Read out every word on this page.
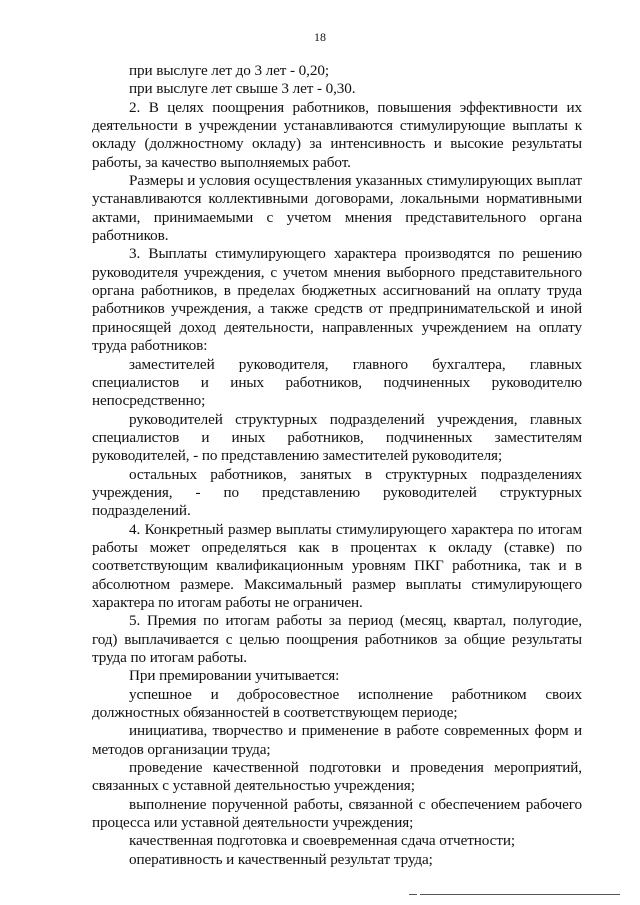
18

при выслуге лет до 3 лет - 0,20;

при выслуге лет свыше 3 лет - 0,30.

2. В целях поощрения работников, повышения эффективности их деятельности в учреждении устанавливаются стимулирующие выплаты к окладу (должностному окладу) за интенсивность и высокие результаты работы, за качество выполняемых работ.

Размеры и условия осуществления указанных стимулирующих выплат устанавливаются коллективными договорами, локальными нормативными актами, принимаемыми с учетом мнения представительного органа работников.

3. Выплаты стимулирующего характера производятся по решению руководителя учреждения, с учетом мнения выборного представительного органа работников, в пределах бюджетных ассигнований на оплату труда работников учреждения, а также средств от предпринимательской и иной приносящей доход деятельности, направленных учреждением на оплату труда работников:

заместителей руководителя, главного бухгалтера, главных специалистов и иных работников, подчиненных руководителю непосредственно;

руководителей структурных подразделений учреждения, главных специалистов и иных работников, подчиненных заместителям руководителей, - по представлению заместителей руководителя;

остальных работников, занятых в структурных подразделениях учреждения, - по представлению руководителей структурных подразделений.

4. Конкретный размер выплаты стимулирующего характера по итогам работы может определяться как в процентах к окладу (ставке) по соответствующим квалификационным уровням ПКГ работника, так и в абсолютном размере. Максимальный размер выплаты стимулирующего характера по итогам работы не ограничен.

5. Премия по итогам работы за период (месяц, квартал, полугодие, год) выплачивается с целью поощрения работников за общие результаты труда по итогам работы.

При премировании учитывается:

успешное и добросовестное исполнение работником своих должностных обязанностей в соответствующем периоде;

инициатива, творчество и применение в работе современных форм и методов организации труда;

проведение качественной подготовки и проведения мероприятий, связанных с уставной деятельностью учреждения;

выполнение порученной работы, связанной с обеспечением рабочего процесса или уставной деятельности учреждения;

качественная подготовка и своевременная сдача отчетности;

оперативность и качественный результат труда;
